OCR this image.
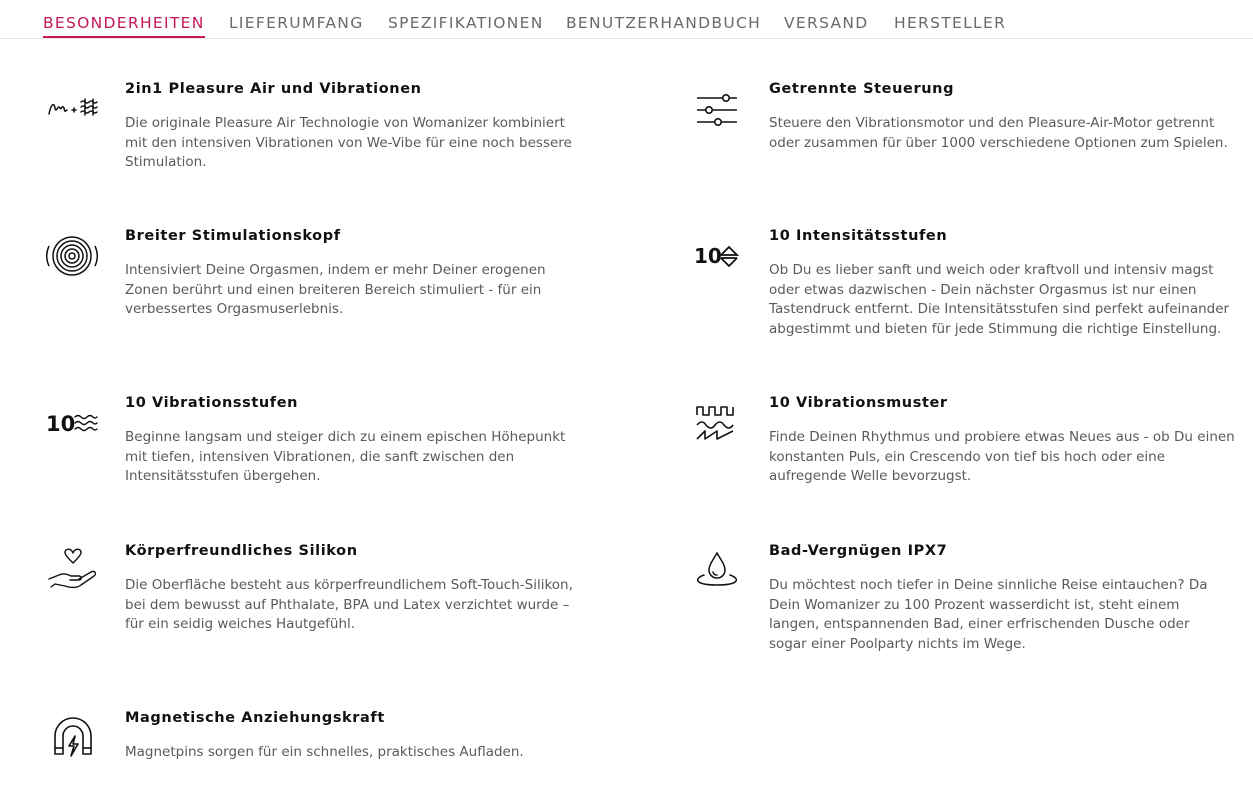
BESONDERHEITEN LIEFERUMFANG SPEZIFIKATIONEN BENUTZERHANDBUCH VERSAND HERSTELLER
2in1 Pleasure Air und Vibrationen
Die originale Pleasure Air Technologie von Womanizer kombiniert mit den intensiven Vibrationen von We-Vibe für eine noch bessere Stimulation.
Getrennte Steuerung
Steuere den Vibrationsmotor und den Pleasure-Air-Motor getrennt oder zusammen für über 1000 verschiedene Optionen zum Spielen.
Breiter Stimulationskopf
Intensiviert Deine Orgasmen, indem er mehr Deiner erogenen Zonen berührt und einen breiteren Bereich stimuliert - für ein verbessertes Orgasmuserlebnis.
10
10 Intensitätsstufen
Ob Du es lieber sanft und weich oder kraftvoll und intensiv magst oder etwas dazwischen - Dein nächster Orgasmus ist nur einen Tastendruck entfernt. Die Intensitätsstufen sind perfekt aufeinander abgestimmt und bieten für jede Stimmung die richtige Einstellung.
10
10 Vibrationsstufen
Beginne langsam und steiger dich zu einem epischen Höhepunkt mit tiefen, intensiven Vibrationen, die sanft zwischen den Intensitätsstufen übergehen.
10 Vibrationsmuster
Finde Deinen Rhythmus und probiere etwas Neues aus - ob Du einen konstanten Puls, ein Crescendo von tief bis hoch oder eine aufregende Welle bevorzugst.
Körperfreundliches Silikon
Die Oberfläche besteht aus körperfreundlichem Soft-Touch-Silikon, bei dem bewusst auf Phthalate, BPA und Latex verzichtet wurde – für ein seidig weiches Hautgefühl.
Bad-Vergnügen IPX7
Du möchtest noch tiefer in Deine sinnliche Reise eintauchen? Da Dein Womanizer zu 100 Prozent wasserdicht ist, steht einem langen, entspannenden Bad, einer erfrischenden Dusche oder sogar einer Poolparty nichts im Wege.
Magnetische Anziehungskraft
Magnetpins sorgen für ein schnelles, praktisches Aufladen.
